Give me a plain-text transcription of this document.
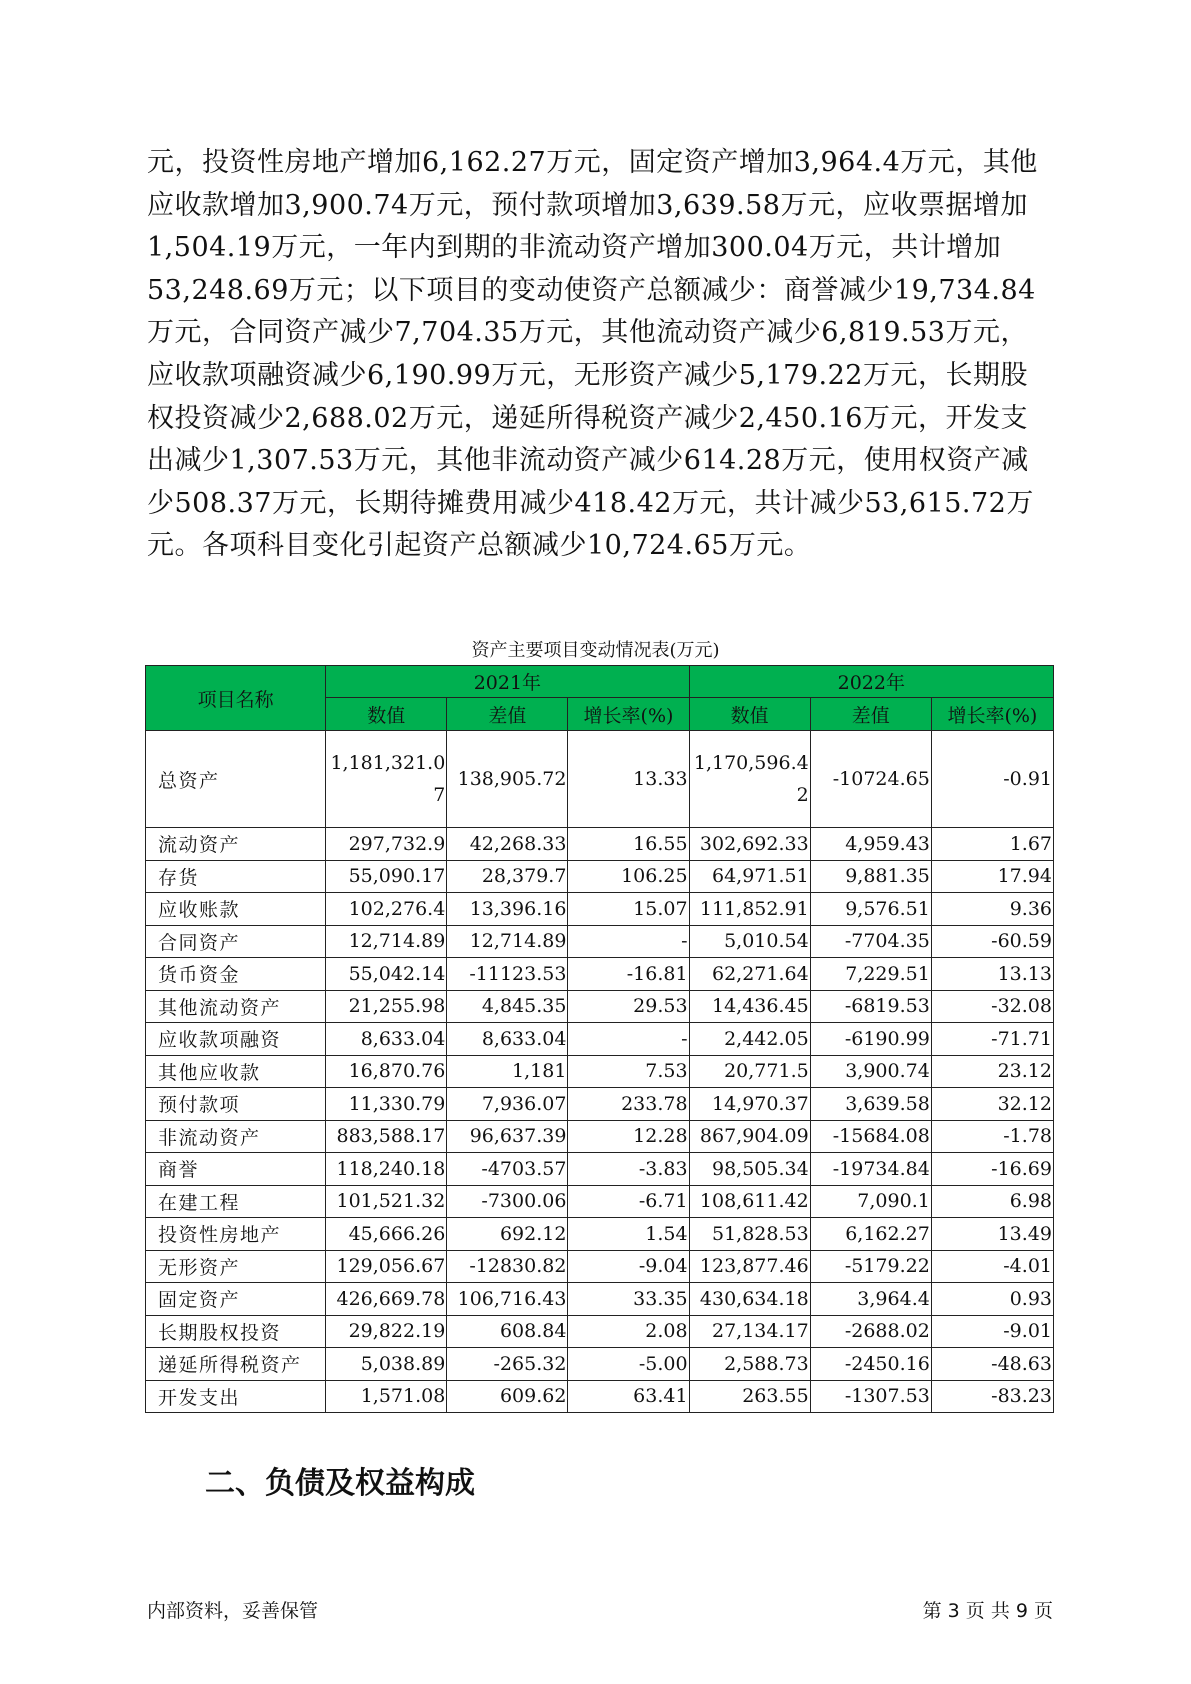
元，投资性房地产增加6,162.27万元，固定资产增加3,964.4万元，其他应收款增加3,900.74万元，预付款项增加3,639.58万元，应收票据增加1,504.19万元，一年内到期的非流动资产增加300.04万元，共计增加53,248.69万元；以下项目的变动使资产总额减少：商誉减少19,734.84万元，合同资产减少7,704.35万元，其他流动资产减少6,819.53万元，应收款项融资减少6,190.99万元，无形资产减少5,179.22万元，长期股权投资减少2,688.02万元，递延所得税资产减少2,450.16万元，开发支出减少1,307.53万元，其他非流动资产减少614.28万元，使用权资产减少508.37万元，长期待摊费用减少418.42万元，共计减少53,615.72万元。各项科目变化引起资产总额减少10,724.65万元。

资产主要项目变动情况表(万元)
项目名称	2021年			2022年		
	数值	差值	增长率(%)	数值	差值	增长率(%)
总资产	1,181,321.07	138,905.72	13.33	1,170,596.42	-10724.65	-0.91
流动资产	297,732.9	42,268.33	16.55	302,692.33	4,959.43	1.67
存货	55,090.17	28,379.7	106.25	64,971.51	9,881.35	17.94
应收账款	102,276.4	13,396.16	15.07	111,852.91	9,576.51	9.36
合同资产	12,714.89	12,714.89	-	5,010.54	-7704.35	-60.59
货币资金	55,042.14	-11123.53	-16.81	62,271.64	7,229.51	13.13
其他流动资产	21,255.98	4,845.35	29.53	14,436.45	-6819.53	-32.08
应收款项融资	8,633.04	8,633.04	-	2,442.05	-6190.99	-71.71
其他应收款	16,870.76	1,181	7.53	20,771.5	3,900.74	23.12
预付款项	11,330.79	7,936.07	233.78	14,970.37	3,639.58	32.12
非流动资产	883,588.17	96,637.39	12.28	867,904.09	-15684.08	-1.78
商誉	118,240.18	-4703.57	-3.83	98,505.34	-19734.84	-16.69
在建工程	101,521.32	-7300.06	-6.71	108,611.42	7,090.1	6.98
投资性房地产	45,666.26	692.12	1.54	51,828.53	6,162.27	13.49
无形资产	129,056.67	-12830.82	-9.04	123,877.46	-5179.22	-4.01
固定资产	426,669.78	106,716.43	33.35	430,634.18	3,964.4	0.93
长期股权投资	29,822.19	608.84	2.08	27,134.17	-2688.02	-9.01
递延所得税资产	5,038.89	-265.32	-5.00	2,588.73	-2450.16	-48.63
开发支出	1,571.08	609.62	63.41	263.55	-1307.53	-83.23
二、负债及权益构成
内部资料，妥善保管	第 3 页 共 9 页
